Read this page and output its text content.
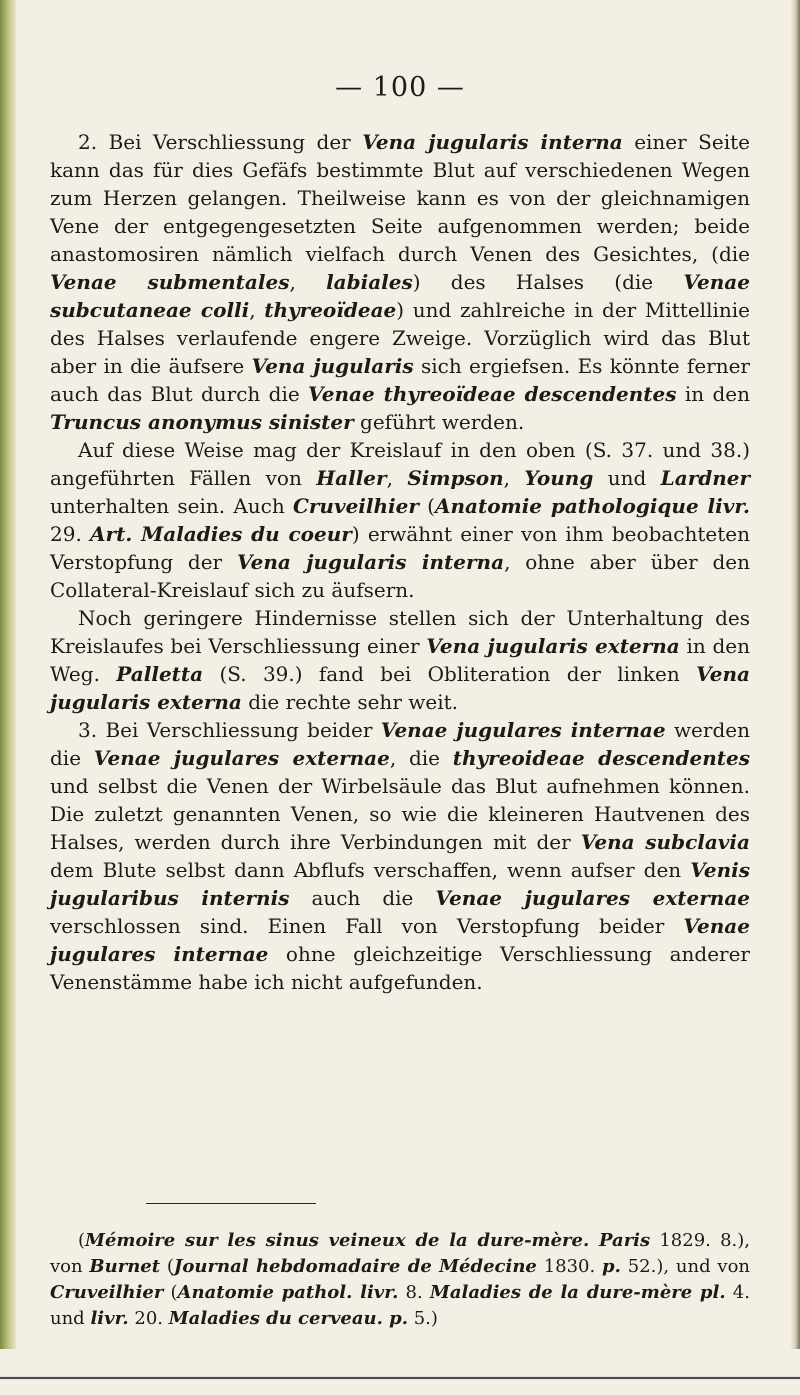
— 100 —

2. Bei Verschliessung der Vena jugularis interna einer Seite kann das für dies Gefäfs bestimmte Blut auf verschiedenen Wegen zum Herzen gelangen. Theilweise kann es von der gleichnamigen Vene der entgegengesetzten Seite aufgenommen werden; beide anastomosiren nämlich vielfach durch Venen des Gesichtes, (die Venae submentales, labiales) des Halses (die Venae subcutaneae colli, thyreoïdeae) und zahlreiche in der Mittellinie des Halses verlaufende engere Zweige. Vorzüglich wird das Blut aber in die äufsere Vena jugularis sich ergiefsen. Es könnte ferner auch das Blut durch die Venae thyreoïdeae descendentes in den Truncus anonymus sinister geführt werden.

Auf diese Weise mag der Kreislauf in den oben (S. 37. und 38.) angeführten Fällen von Haller, Simpson, Young und Lardner unterhalten sein. Auch Cruveilhier (Anatomie pathologique livr. 29. Art. Maladies du coeur) erwähnt einer von ihm beobachteten Verstopfung der Vena jugularis interna, ohne aber über den Collateral-Kreislauf sich zu äufsern.

Noch geringere Hindernisse stellen sich der Unterhaltung des Kreislaufes bei Verschliessung einer Vena jugularis externa in den Weg. Palletta (S. 39.) fand bei Obliteration der linken Vena jugularis externa die rechte sehr weit.

3. Bei Verschliessung beider Venae jugulares internae werden die Venae jugulares externae, die thyreoideae descendentes und selbst die Venen der Wirbelsäule das Blut aufnehmen können. Die zuletzt genannten Venen, so wie die kleineren Hautvenen des Halses, werden durch ihre Verbindungen mit der Vena subclavia dem Blute selbst dann Abflufs verschaffen, wenn aufser den Venis jugularibus internis auch die Venae jugulares externae verschlossen sind. Einen Fall von Verstopfung beider Venae jugulares internae ohne gleichzeitige Verschliessung anderer Venenstämme habe ich nicht aufgefunden.

(Mémoire sur les sinus veineux de la dure-mère. Paris 1829. 8.), von Burnet (Journal hebdomadaire de Médecine 1830. p. 52.), und von Cruveilhier (Anatomie pathol. livr. 8. Maladies de la dure-mère pl. 4. und livr. 20. Maladies du cerveau. p. 5.)
